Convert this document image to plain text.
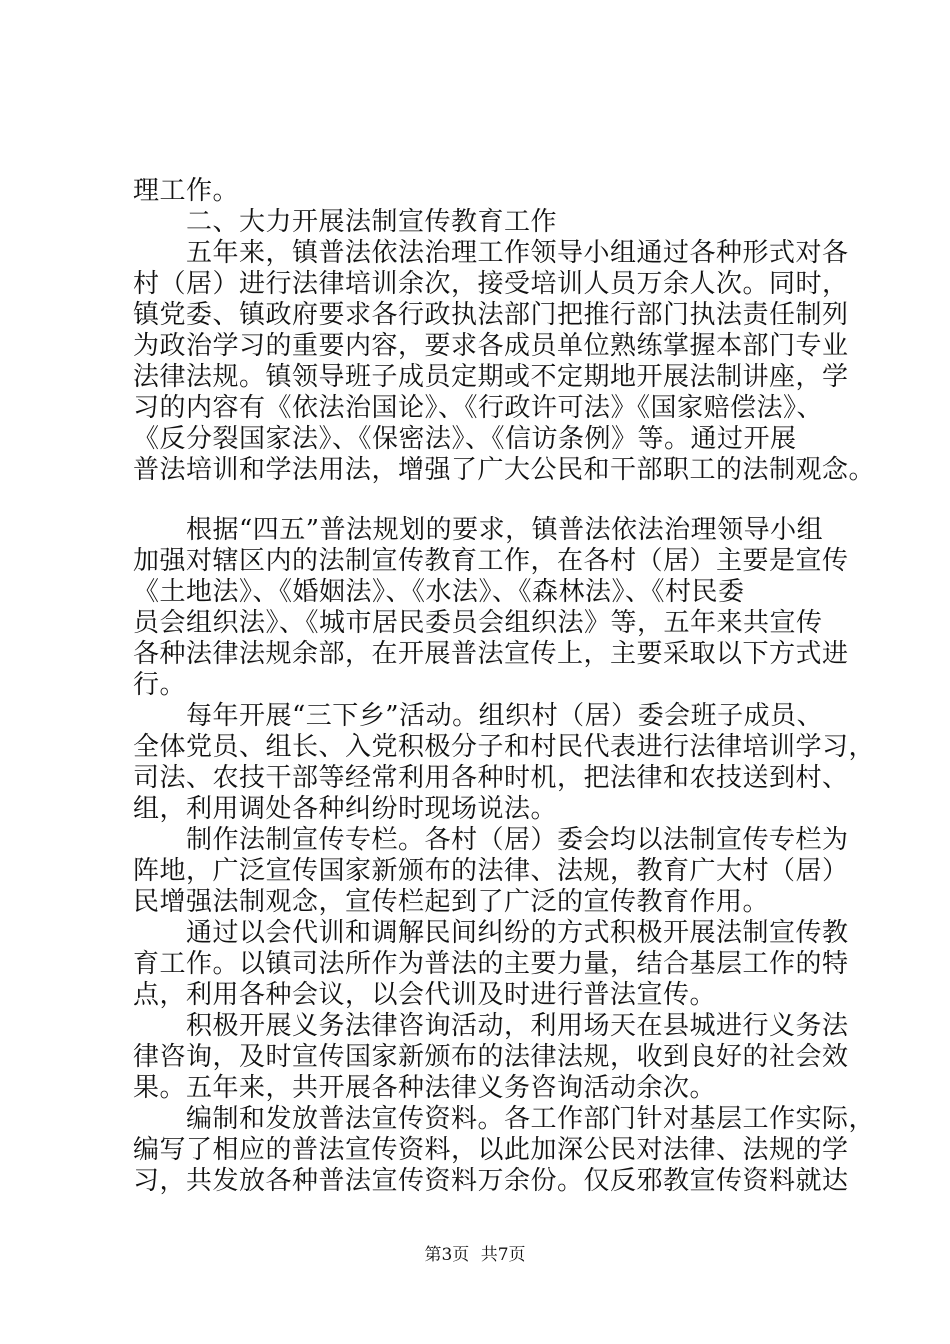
理工作。
　　二、大力开展法制宣传教育工作
　　五年来，镇普法依法治理工作领导小组通过各种形式对各
村（居）进行法律培训余次，接受培训人员万余人次。同时，
镇党委、镇政府要求各行政执法部门把推行部门执法责任制列
为政治学习的重要内容，要求各成员单位熟练掌握本部门专业
法律法规。镇领导班子成员定期或不定期地开展法制讲座，学
习的内容有《依法治国论》、《行政许可法》《国家赔偿法》、
《反分裂国家法》、《保密法》、《信访条例》等。通过开展
普法培训和学法用法，增强了广大公民和干部职工的法制观念。
　　根据“四五”普法规划的要求，镇普法依法治理领导小组
加强对辖区内的法制宣传教育工作，在各村（居）主要是宣传
《土地法》、《婚姻法》、《水法》、《森林法》、《村民委
员会组织法》、《城市居民委员会组织法》等，五年来共宣传
各种法律法规余部，在开展普法宣传上，主要采取以下方式进
行。
　　每年开展“三下乡”活动。组织村（居）委会班子成员、
全体党员、组长、入党积极分子和村民代表进行法律培训学习，
司法、农技干部等经常利用各种时机，把法律和农技送到村、
组，利用调处各种纠纷时现场说法。
　　制作法制宣传专栏。各村（居）委会均以法制宣传专栏为
阵地，广泛宣传国家新颁布的法律、法规，教育广大村（居）
民增强法制观念，宣传栏起到了广泛的宣传教育作用。
　　通过以会代训和调解民间纠纷的方式积极开展法制宣传教
育工作。以镇司法所作为普法的主要力量，结合基层工作的特
点，利用各种会议，以会代训及时进行普法宣传。
　　积极开展义务法律咨询活动，利用场天在县城进行义务法
律咨询，及时宣传国家新颁布的法律法规，收到良好的社会效
果。五年来，共开展各种法律义务咨询活动余次。
　　编制和发放普法宣传资料。各工作部门针对基层工作实际，
编写了相应的普法宣传资料，以此加深公民对法律、法规的学
习，共发放各种普法宣传资料万余份。仅反邪教宣传资料就达
第3页 共7页
